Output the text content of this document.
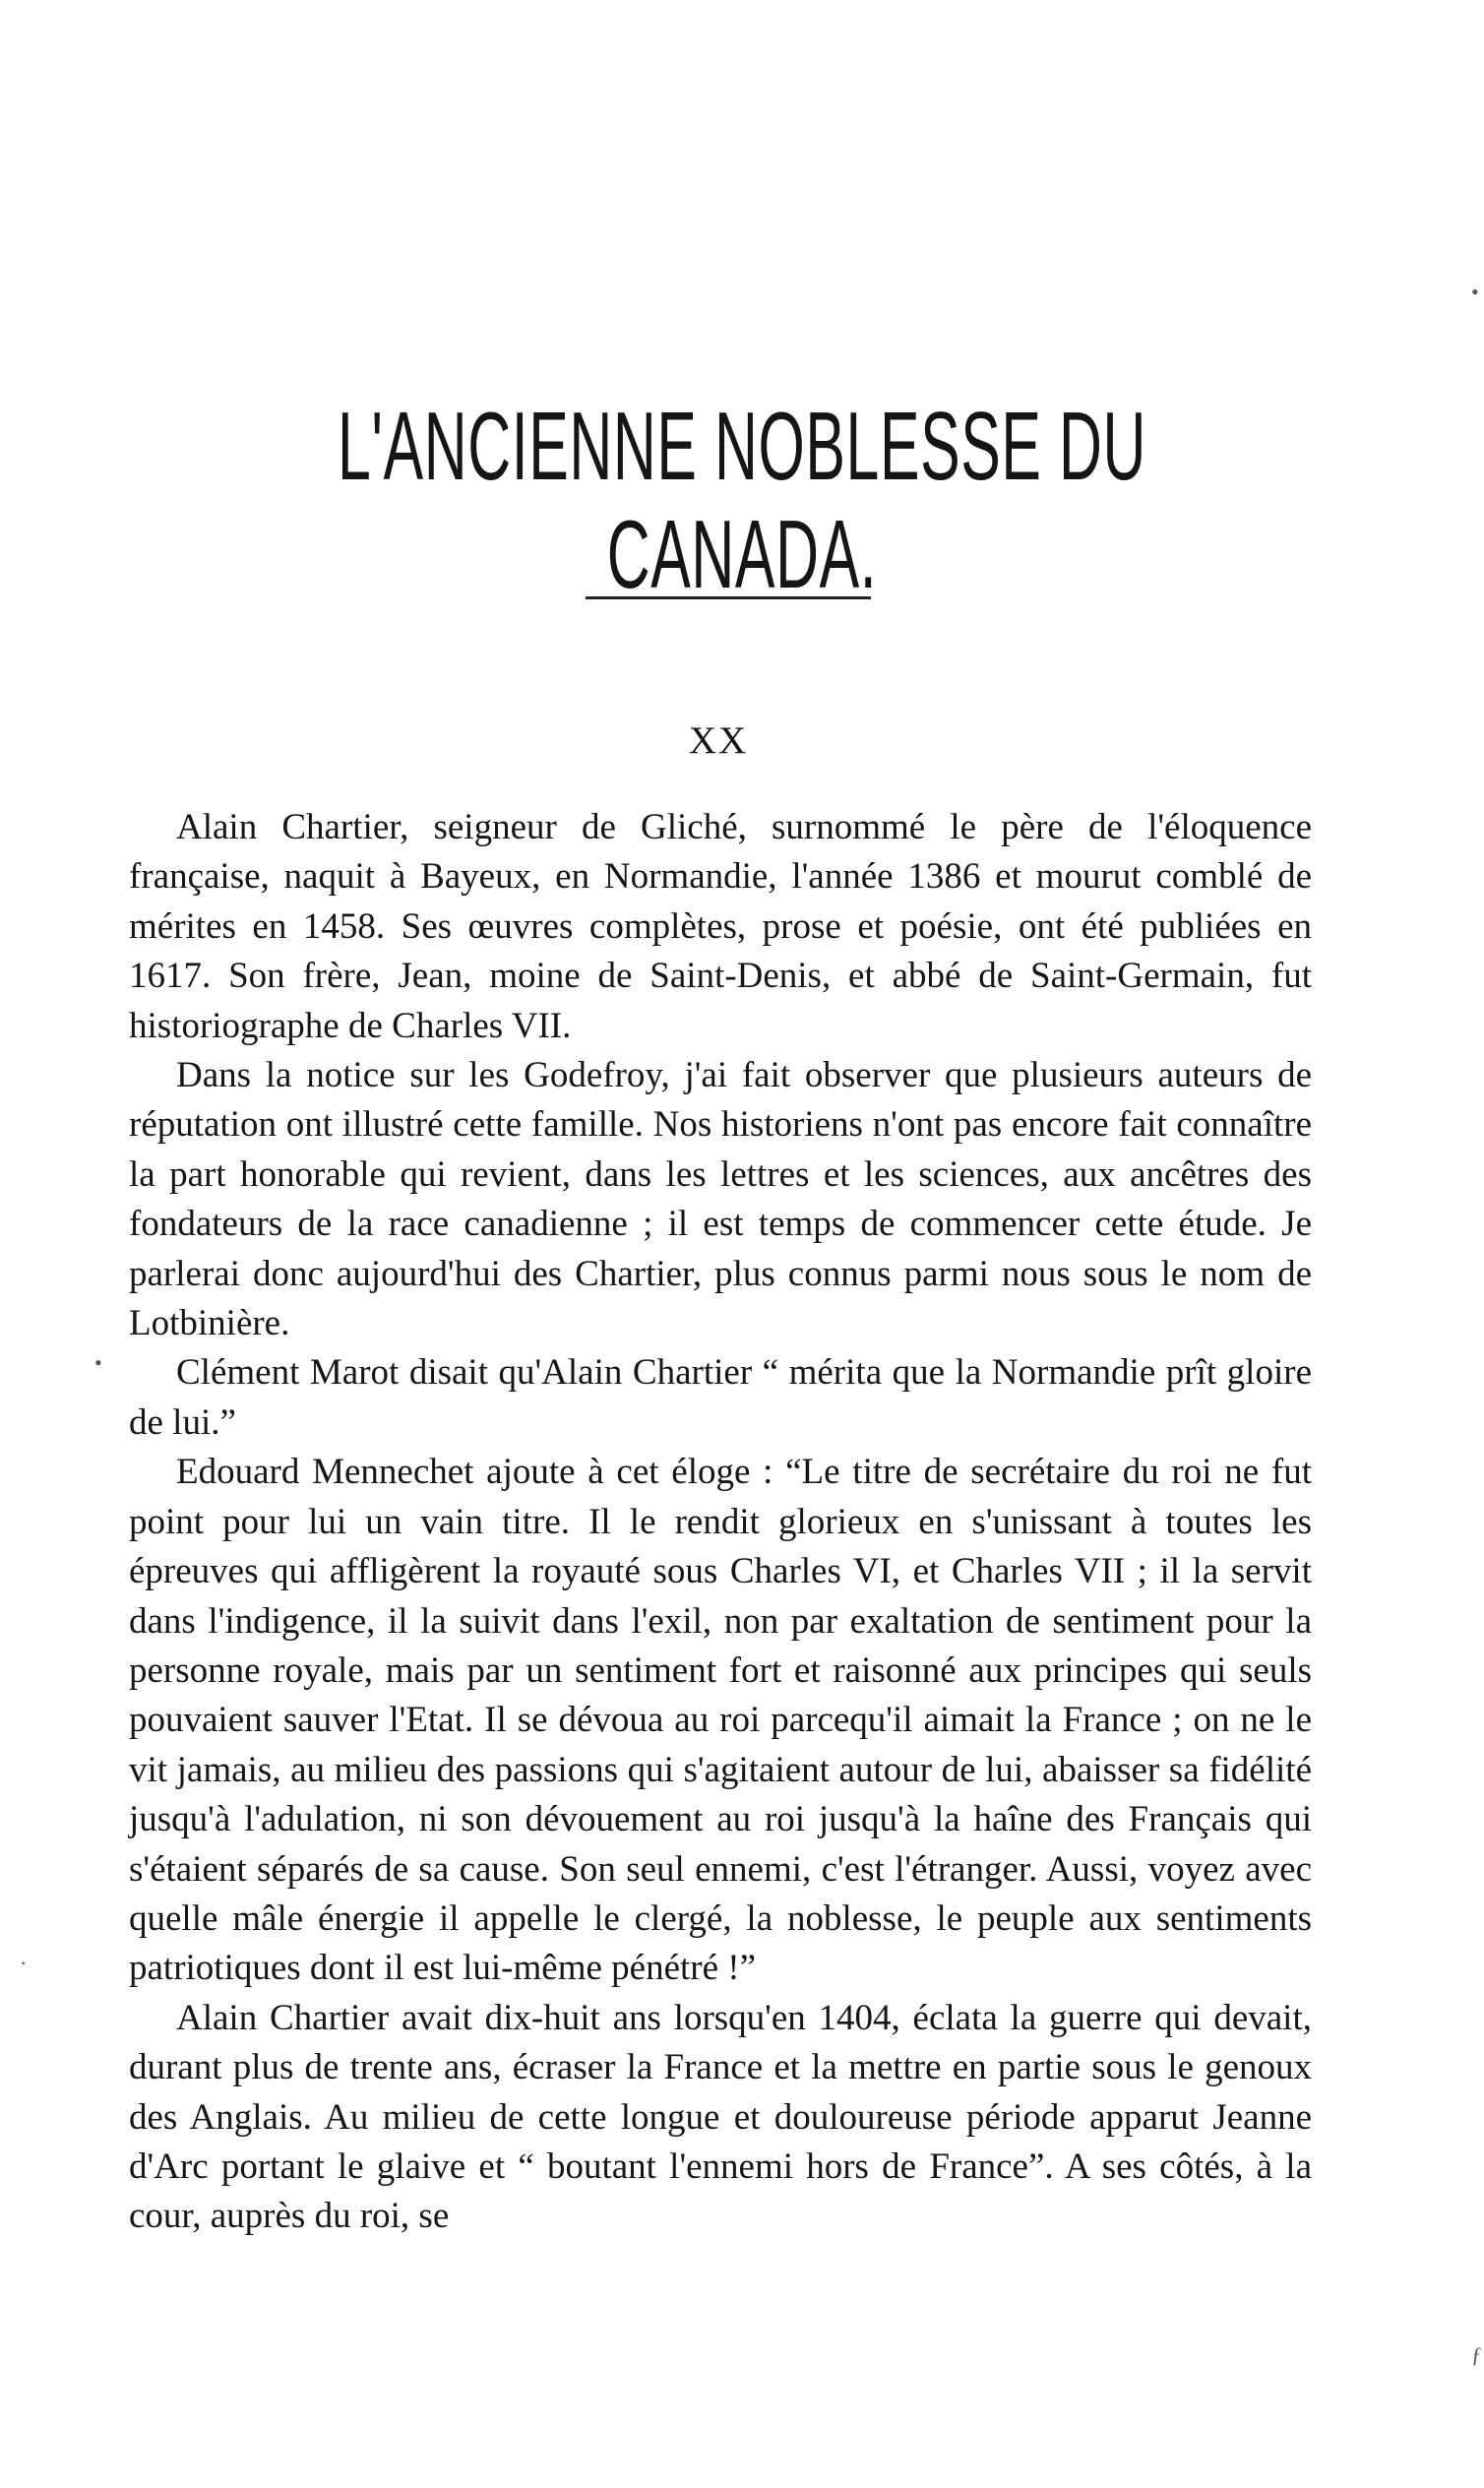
L'ANCIENNE NOBLESSE DU CANADA.
XX

Alain Chartier, seigneur de Gliché, surnommé le père de l'éloquence française, naquit à Bayeux, en Normandie, l'année 1386 et mourut comblé de mérites en 1458. Ses œuvres complètes, prose et poésie, ont été publiées en 1617. Son frère, Jean, moine de Saint-Denis, et abbé de Saint-Germain, fut historiographe de Charles VII.

Dans la notice sur les Godefroy, j'ai fait observer que plusieurs auteurs de réputation ont illustré cette famille. Nos historiens n'ont pas encore fait connaître la part honorable qui revient, dans les lettres et les sciences, aux ancêtres des fondateurs de la race canadienne ; il est temps de commencer cette étude. Je parlerai donc aujourd'hui des Chartier, plus connus parmi nous sous le nom de Lotbinière.

Clément Marot disait qu'Alain Chartier “ mérita que la Normandie prît gloire de lui.”

Edouard Mennechet ajoute à cet éloge : “Le titre de secrétaire du roi ne fut point pour lui un vain titre. Il le rendit glorieux en s'unissant à toutes les épreuves qui affligèrent la royauté sous Charles VI, et Charles VII ; il la servit dans l'indigence, il la suivit dans l'exil, non par exaltation de sentiment pour la personne royale, mais par un sentiment fort et raisonné aux principes qui seuls pouvaient sauver l'Etat. Il se dévoua au roi parcequ'il aimait la France ; on ne le vit jamais, au milieu des passions qui s'agitaient autour de lui, abaisser sa fidélité jusqu'à l'adulation, ni son dévouement au roi jusqu'à la haîne des Français qui s'étaient séparés de sa cause. Son seul ennemi, c'est l'étranger. Aussi, voyez avec quelle mâle énergie il appelle le clergé, la noblesse, le peuple aux sentiments patriotiques dont il est lui-même pénétré !”

Alain Chartier avait dix-huit ans lorsqu'en 1404, éclata la guerre qui devait, durant plus de trente ans, écraser la France et la mettre en partie sous le genoux des Anglais. Au milieu de cette longue et douloureuse période apparut Jeanne d'Arc portant le glaive et “ boutant l'ennemi hors de France”. A ses côtés, à la cour, auprès du roi, se

•
•
·
ƒ
